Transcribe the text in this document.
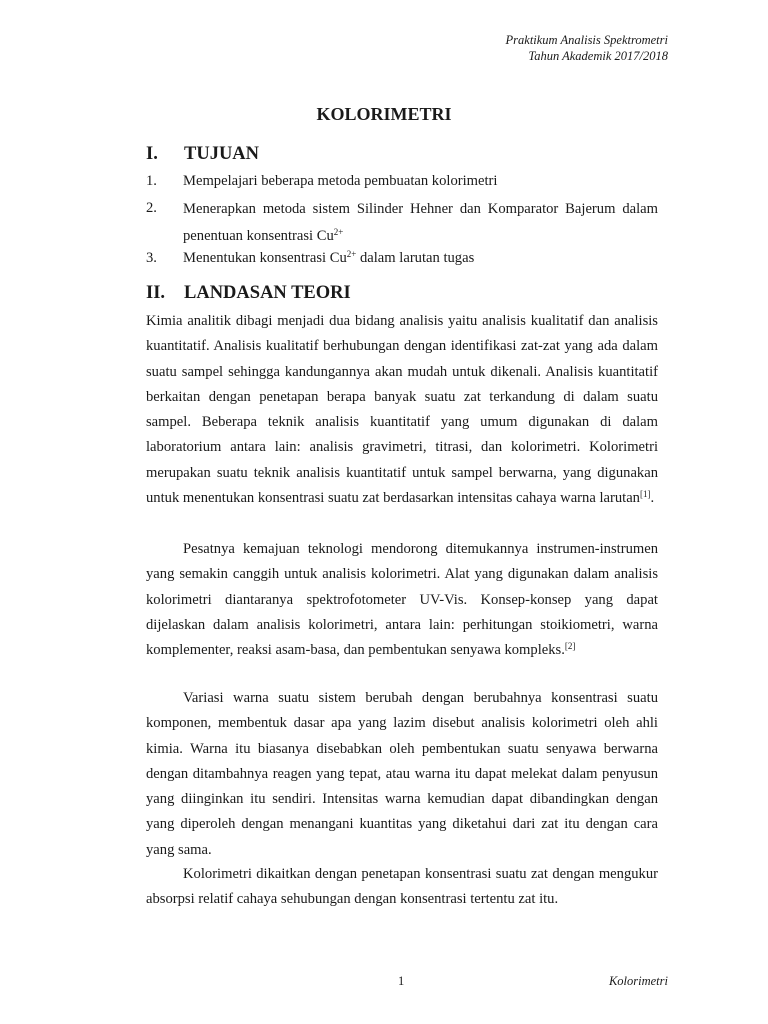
Praktikum Analisis Spektrometri
Tahun Akademik 2017/2018
KOLORIMETRI
I. TUJUAN
1. Mempelajari beberapa metoda pembuatan kolorimetri
2. Menerapkan metoda sistem Silinder Hehner dan Komparator Bajerum dalam penentuan konsentrasi $Cu^{2+}$
3. Menentukan konsentrasi $Cu^{2+}$ dalam larutan tugas
II. LANDASAN TEORI
Kimia analitik dibagi menjadi dua bidang analisis yaitu analisis kualitatif dan analisis kuantitatif. Analisis kualitatif berhubungan dengan identifikasi zat-zat yang ada dalam suatu sampel sehingga kandungannya akan mudah untuk dikenali. Analisis kuantitatif berkaitan dengan penetapan berapa banyak suatu zat terkandung di dalam suatu sampel. Beberapa teknik analisis kuantitatif yang umum digunakan di dalam laboratorium antara lain: analisis gravimetri, titrasi, dan kolorimetri. Kolorimetri merupakan suatu teknik analisis kuantitatif untuk sampel berwarna, yang digunakan untuk menentukan konsentrasi suatu zat berdasarkan intensitas cahaya warna larutan[1].
Pesatnya kemajuan teknologi mendorong ditemukannya instrumen-instrumen yang semakin canggih untuk analisis kolorimetri. Alat yang digunakan dalam analisis kolorimetri diantaranya spektrofotometer UV-Vis. Konsep-konsep yang dapat dijelaskan dalam analisis kolorimetri, antara lain: perhitungan stoikiometri, warna komplementer, reaksi asam-basa, dan pembentukan senyawa kompleks.[2]
Variasi warna suatu sistem berubah dengan berubahnya konsentrasi suatu komponen, membentuk dasar apa yang lazim disebut analisis kolorimetri oleh ahli kimia. Warna itu biasanya disebabkan oleh pembentukan suatu senyawa berwarna dengan ditambahnya reagen yang tepat, atau warna itu dapat melekat dalam penyusun yang diinginkan itu sendiri. Intensitas warna kemudian dapat dibandingkan dengan yang diperoleh dengan menangani kuantitas yang diketahui dari zat itu dengan cara yang sama.
Kolorimetri dikaitkan dengan penetapan konsentrasi suatu zat dengan mengukur absorpsi relatif cahaya sehubungan dengan konsentrasi tertentu zat itu.
1	Kolorimetri
